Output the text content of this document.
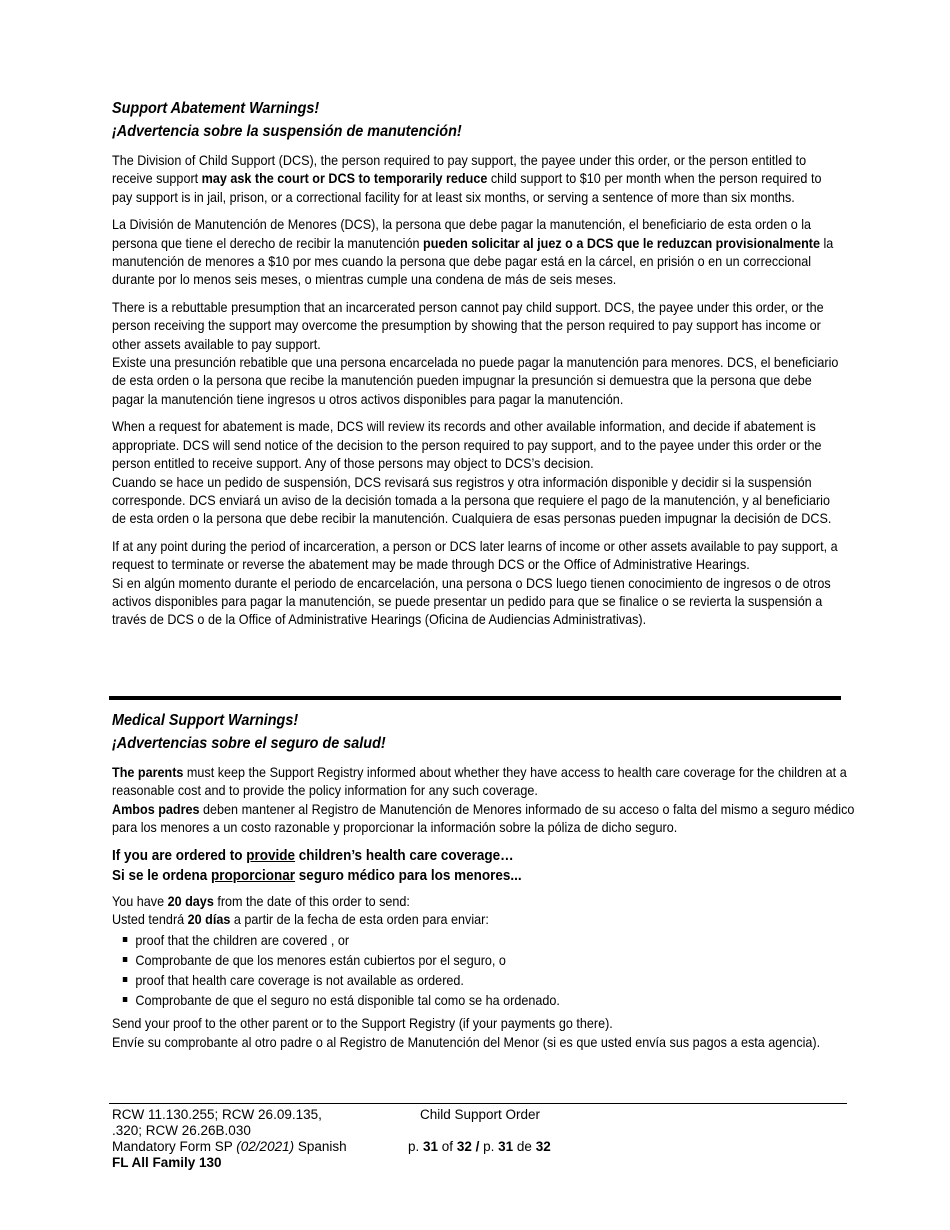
Support Abatement Warnings!
¡Advertencia sobre la suspensión de manutención!

The Division of Child Support (DCS), the person required to pay support, the payee under this order, or the person entitled to receive support may ask the court or DCS to temporarily reduce child support to $10 per month when the person required to pay support is in jail, prison, or a correctional facility for at least six months, or serving a sentence of more than six months.

La División de Manutención de Menores (DCS), la persona que debe pagar la manutención, el beneficiario de esta orden o la persona que tiene el derecho de recibir la manutención pueden solicitar al juez o a DCS que le reduzcan provisionalmente la manutención de menores a $10 por mes cuando la persona que debe pagar está en la cárcel, en prisión o en un correccional durante por lo menos seis meses, o mientras cumple una condena de más de seis meses.

There is a rebuttable presumption that an incarcerated person cannot pay child support. DCS, the payee under this order, or the person receiving the support may overcome the presumption by showing that the person required to pay support has income or other assets available to pay support.

Existe una presunción rebatible que una persona encarcelada no puede pagar la manutención para menores. DCS, el beneficiario de esta orden o la persona que recibe la manutención pueden impugnar la presunción si demuestra que la persona que debe pagar la manutención tiene ingresos u otros activos disponibles para pagar la manutención.

When a request for abatement is made, DCS will review its records and other available information, and decide if abatement is appropriate. DCS will send notice of the decision to the person required to pay support, and to the payee under this order or the person entitled to receive support. Any of those persons may object to DCS’s decision.

Cuando se hace un pedido de suspensión, DCS revisará sus registros y otra información disponible y decidir si la suspensión corresponde. DCS enviará un aviso de la decisión tomada a la persona que requiere el pago de la manutención, y al beneficiario de esta orden o la persona que debe recibir la manutención. Cualquiera de esas personas pueden impugnar la decisión de DCS.

If at any point during the period of incarceration, a person or DCS later learns of income or other assets available to pay support, a request to terminate or reverse the abatement may be made through DCS or the Office of Administrative Hearings.

Si en algún momento durante el periodo de encarcelación, una persona o DCS luego tienen conocimiento de ingresos o de otros activos disponibles para pagar la manutención, se puede presentar un pedido para que se finalice o se revierta la suspensión a través de DCS o de la Office of Administrative Hearings (Oficina de Audiencias Administrativas).

Medical Support Warnings!
¡Advertencias sobre el seguro de salud!

The parents must keep the Support Registry informed about whether they have access to health care coverage for the children at a reasonable cost and to provide the policy information for any such coverage.

Ambos padres deben mantener al Registro de Manutención de Menores informado de su acceso o falta del mismo a seguro médico para los menores a un costo razonable y proporcionar la información sobre la póliza de dicho seguro.

If you are ordered to provide children’s health care coverage…
Si se le ordena proporcionar seguro médico para los menores...
You have 20 days from the date of this order to send:
Usted tendrá 20 días a partir de la fecha de esta orden para enviar:
proof that the children are covered , or
Comprobante de que los menores están cubiertos por el seguro, o
proof that health care coverage is not available as ordered.
Comprobante de que el seguro no está disponible tal como se ha ordenado.

Send your proof to the other parent or to the Support Registry (if your payments go there).

Envíe su comprobante al otro padre o al Registro de Manutención del Menor (si es que usted envía sus pagos a esta agencia).

RCW 11.130.255; RCW 26.09.135,
.320; RCW 26.26B.030
Mandatory Form SP (02/2021) Spanish
FL All Family 130
Child Support Order
p. 31 of 32 / p. 31 de 32
